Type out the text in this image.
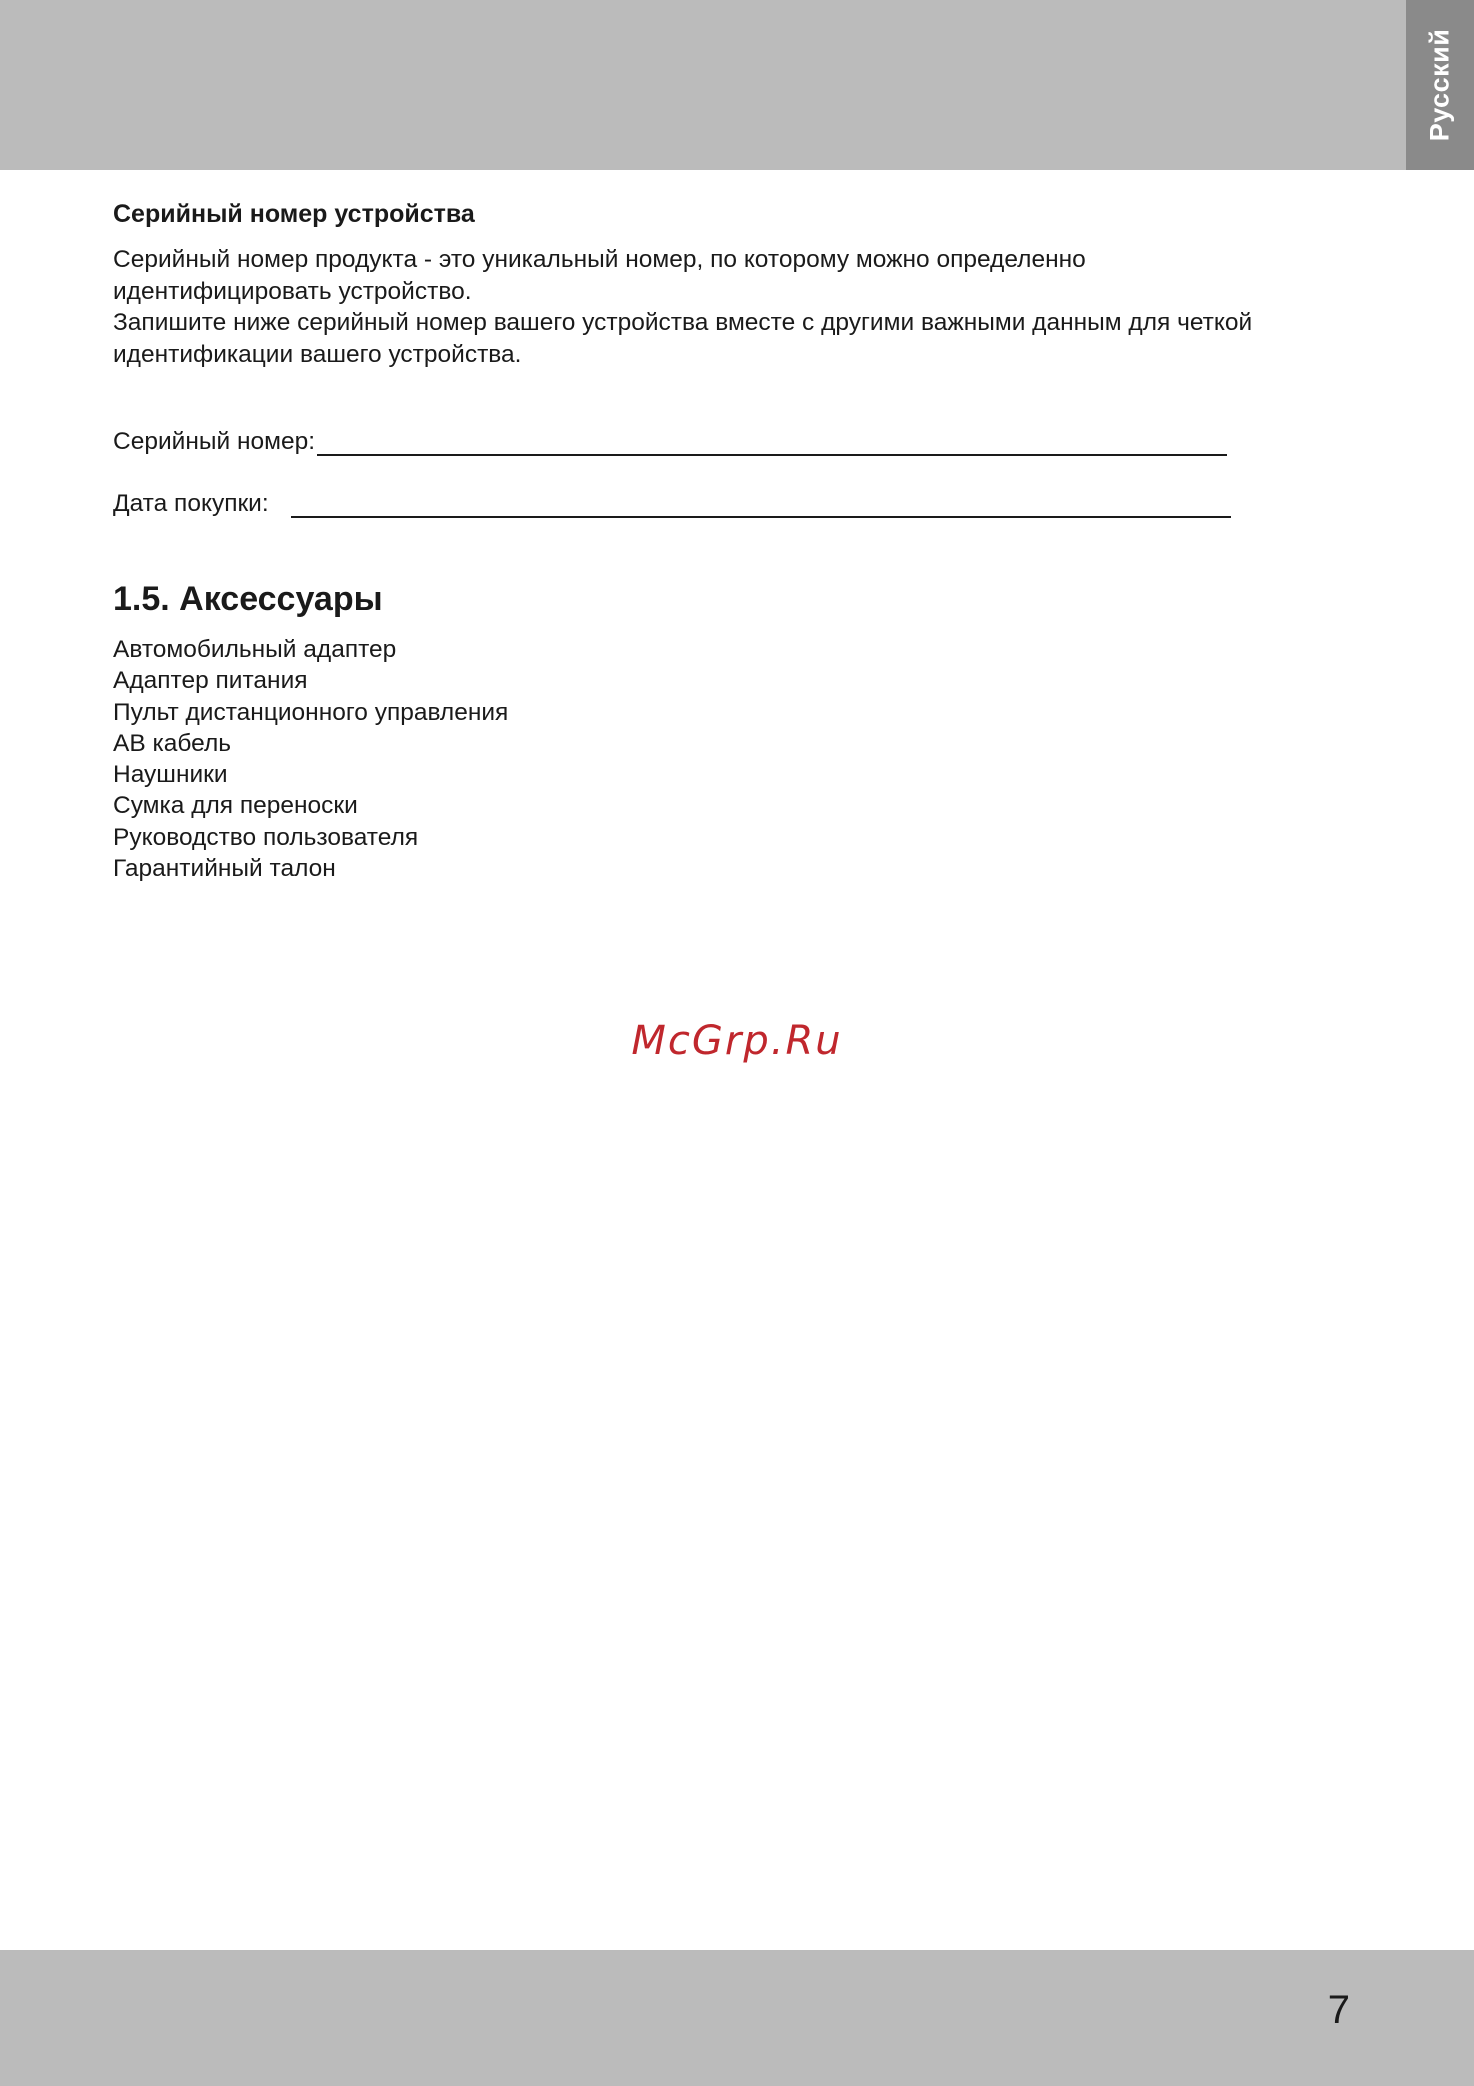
Русский
Серийный номер устройства

Серийный номер продукта - это уникальный номер, по которому можно определенно

идентифицировать устройство.

Запишите ниже серийный номер вашего устройства вместе с другими важными данным для четкой

идентификации вашего устройства.

Серийный номер:
Дата покупки:
1.5. Аксессуары
Автомобильный адаптер
Адаптер питания
Пульт дистанционного управления
АВ кабель
Наушники
Сумка для переноски
Руководство пользователя
Гарантийный талон
McGrp.Ru
7
